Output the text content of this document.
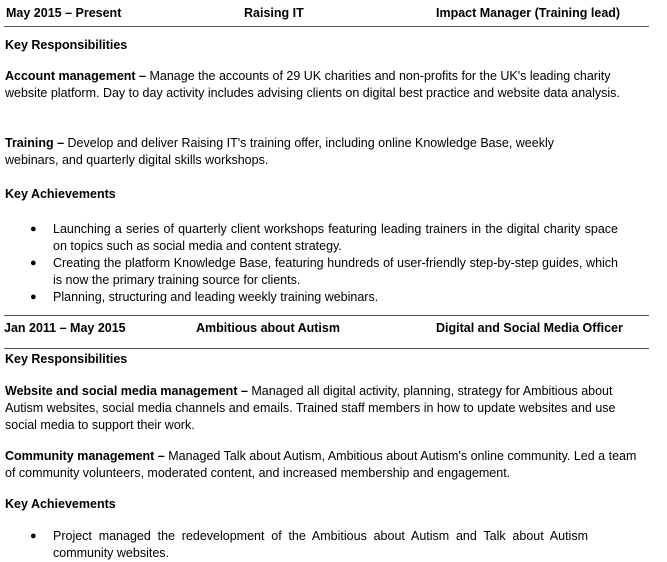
May 2015 – Present	Raising IT	Impact Manager (Training lead)
Key Responsibilities
Account management – Manage the accounts of 29 UK charities and non-profits for the UK's leading charity website platform. Day to day activity includes advising clients on digital best practice and website data analysis.
Training – Develop and deliver Raising IT's training offer, including online Knowledge Base, weekly webinars, and quarterly digital skills workshops.
Key Achievements
● Launching a series of quarterly client workshops featuring leading trainers in the digital charity space on topics such as social media and content strategy.
● Creating the platform Knowledge Base, featuring hundreds of user-friendly step-by-step guides, which is now the primary training source for clients.
● Planning, structuring and leading weekly training webinars.
Jan 2011 – May 2015	Ambitious about Autism	Digital and Social Media Officer
Key Responsibilities
Website and social media management – Managed all digital activity, planning, strategy for Ambitious about Autism websites, social media channels and emails. Trained staff members in how to update websites and use social media to support their work.
Community management – Managed Talk about Autism, Ambitious about Autism's online community. Led a team of community volunteers, moderated content, and increased membership and engagement.
Key Achievements
● Project managed the redevelopment of the Ambitious about Autism and Talk about Autism community websites.
